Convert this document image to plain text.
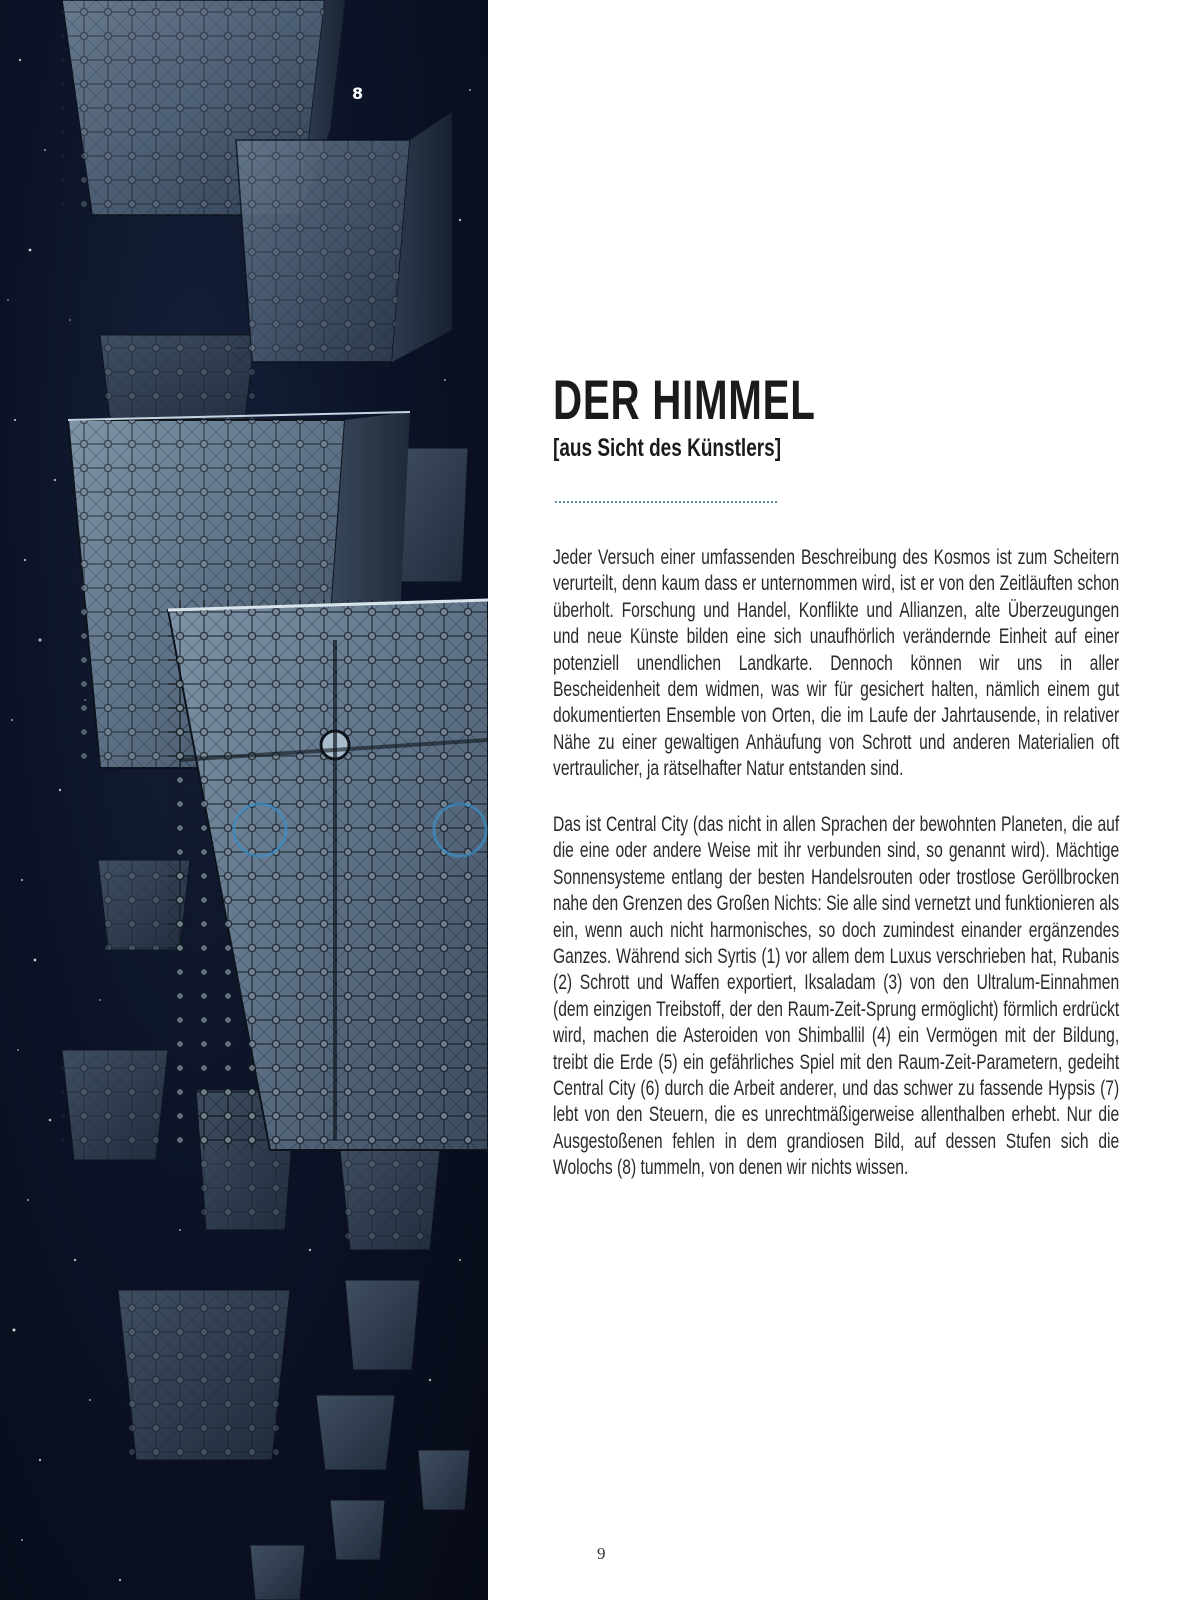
8
DER HIMMEL
[aus Sicht des Künstlers]

Jeder Versuch einer umfassenden Beschreibung des Kosmos ist zum Scheitern verurteilt, denn kaum dass er unternommen wird, ist er von den Zeitläuften schon überholt. Forschung und Handel, Konflikte und Allianzen, alte Überzeugungen und neue Künste bilden eine sich unaufhörlich verändernde Einheit auf einer potenziell unendlichen Landkarte. Dennoch können wir uns in aller Bescheidenheit dem widmen, was wir für gesichert halten, nämlich einem gut dokumentierten Ensemble von Orten, die im Laufe der Jahrtausende, in relativer Nähe zu einer gewaltigen Anhäufung von Schrott und anderen Materialien oft vertraulicher, ja rätselhafter Natur entstanden sind.

Das ist Central City (das nicht in allen Sprachen der bewohnten Planeten, die auf die eine oder andere Weise mit ihr verbunden sind, so genannt wird). Mächtige Sonnensysteme entlang der besten Handelsrouten oder trostlose Geröllbrocken nahe den Grenzen des Großen Nichts: Sie alle sind vernetzt und funktionieren als ein, wenn auch nicht harmonisches, so doch zumindest einander ergänzendes Ganzes. Während sich Syrtis (1) vor allem dem Luxus verschrieben hat, Rubanis (2) Schrott und Waffen exportiert, Iksaladam (3) von den Ultralum-Einnahmen (dem einzigen Treibstoff, der den Raum-Zeit-Sprung ermöglicht) förmlich erdrückt wird, machen die Asteroiden von Shimballil (4) ein Vermögen mit der Bildung, treibt die Erde (5) ein gefährliches Spiel mit den Raum-Zeit-Parametern, gedeiht Central City (6) durch die Arbeit anderer, und das schwer zu fassende Hypsis (7) lebt von den Steuern, die es unrechtmäßigerweise allenthalben erhebt. Nur die Ausgestoßenen fehlen in dem grandiosen Bild, auf dessen Stufen sich die Wolochs (8) tummeln, von denen wir nichts wissen.

9
